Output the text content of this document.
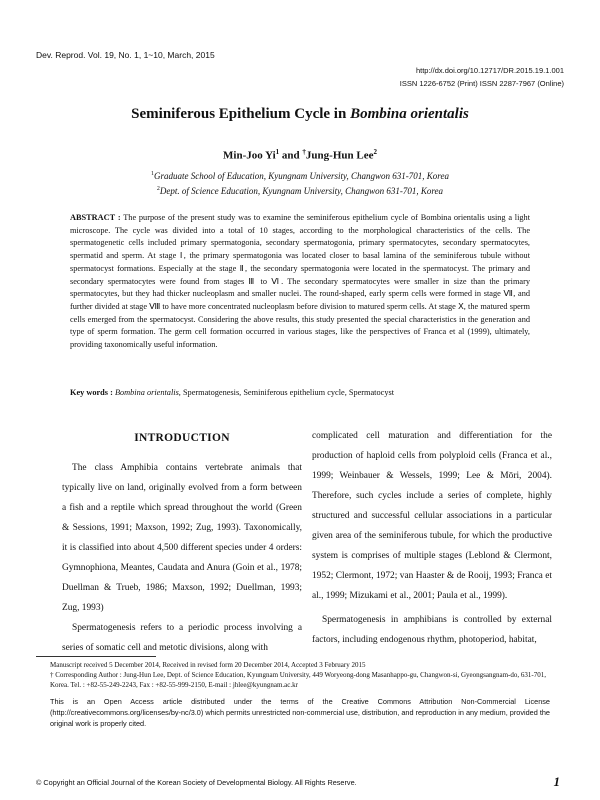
Dev. Reprod. Vol. 19, No. 1, 1~10, March, 2015
http://dx.doi.org/10.12717/DR.2015.19.1.001
ISSN 1226-6752 (Print) ISSN 2287-7967 (Online)
Seminiferous Epithelium Cycle in Bombina orientalis
Min-Joo Yi$^1$ and †Jung-Hun Lee$^2$
$^1$Graduate School of Education, Kyungnam University, Changwon 631-701, Korea
$^2$Dept. of Science Education, Kyungnam University, Changwon 631-701, Korea
ABSTRACT : The purpose of the present study was to examine the seminiferous epithelium cycle of Bombina orientalis using a light microscope. The cycle was divided into a total of 10 stages, according to the morphological characteristics of the cells. The spermatogenetic cells included primary spermatogonia, secondary spermatogonia, primary spermatocytes, secondary spermatocytes, spermatid and sperm. At stage Ⅰ, the primary spermatogonia was located closer to basal lamina of the seminiferous tubule without spermatocyst formations. Especially at the stage Ⅱ, the secondary spermatogonia were located in the spermatocyst. The primary and secondary spermatocytes were found from stages Ⅲ to Ⅵ. The secondary spermatocytes were smaller in size than the primary spermatocytes, but they had thicker nucleoplasm and smaller nuclei. The round-shaped, early sperm cells were formed in stage Ⅶ, and further divided at stage Ⅷ to have more concentrated nucleoplasm before division to matured sperm cells. At stage Ⅹ, the matured sperm cells emerged from the spermatocyst. Considering the above results, this study presented the special characteristics in the generation and type of sperm formation. The germ cell formation occurred in various stages, like the perspectives of Franca et al (1999), ultimately, providing taxonomically useful information.
Key words : Bombina orientalis, Spermatogenesis, Seminiferous epithelium cycle, Spermatocyst
INTRODUCTION

The class Amphibia contains vertebrate animals that typically live on land, originally evolved from a form between a fish and a reptile which spread throughout the world (Green & Sessions, 1991; Maxson, 1992; Zug, 1993). Taxonomically, it is classified into about 4,500 different species under 4 orders: Gymnophiona, Meantes, Caudata and Anura (Goin et al., 1978; Duellman & Trueb, 1986; Maxson, 1992; Duellman, 1993; Zug, 1993)

Spermatogenesis refers to a periodic process involving a series of somatic cell and metotic divisions, along with

complicated cell maturation and differentiation for the production of haploid cells from polyploid cells (Franca et al., 1999; Weinbauer & Wessels, 1999; Lee & Mōri, 2004). Therefore, such cycles include a series of complete, highly structured and successful cellular associations in a particular given area of the seminiferous tubule, for which the productive system is comprises of multiple stages (Leblond & Clermont, 1952; Clermont, 1972; van Haaster & de Rooij, 1993; Franca et al., 1999; Mizukami et al., 2001; Paula et al., 1999).

Spermatogenesis in amphibians is controlled by external factors, including endogenous rhythm, photoperiod, habitat,

Manuscript received 5 December 2014, Received in revised form 20 December 2014, Accepted 3 February 2015
† Corresponding Author : Jung-Hun Lee, Dept. of Science Education, Kyungnam University, 449 Woryeong-dong Masanhappo-gu, Changwon-si, Gyeongsangnam-do, 631-701, Korea. Tel. : +82-55-249-2243, Fax : +82-55-999-2150, E-mail : jhlee@kyungnam.ac.kr
This is an Open Access article distributed under the terms of the Creative Commons Attribution Non-Commercial License (http://creativecommons.org/licenses/by-nc/3.0) which permits unrestricted non-commercial use, distribution, and reproduction in any medium, provided the original work is properly cited.
© Copyright an Official Journal of the Korean Society of Developmental Biology. All Rights Reserve.	1
